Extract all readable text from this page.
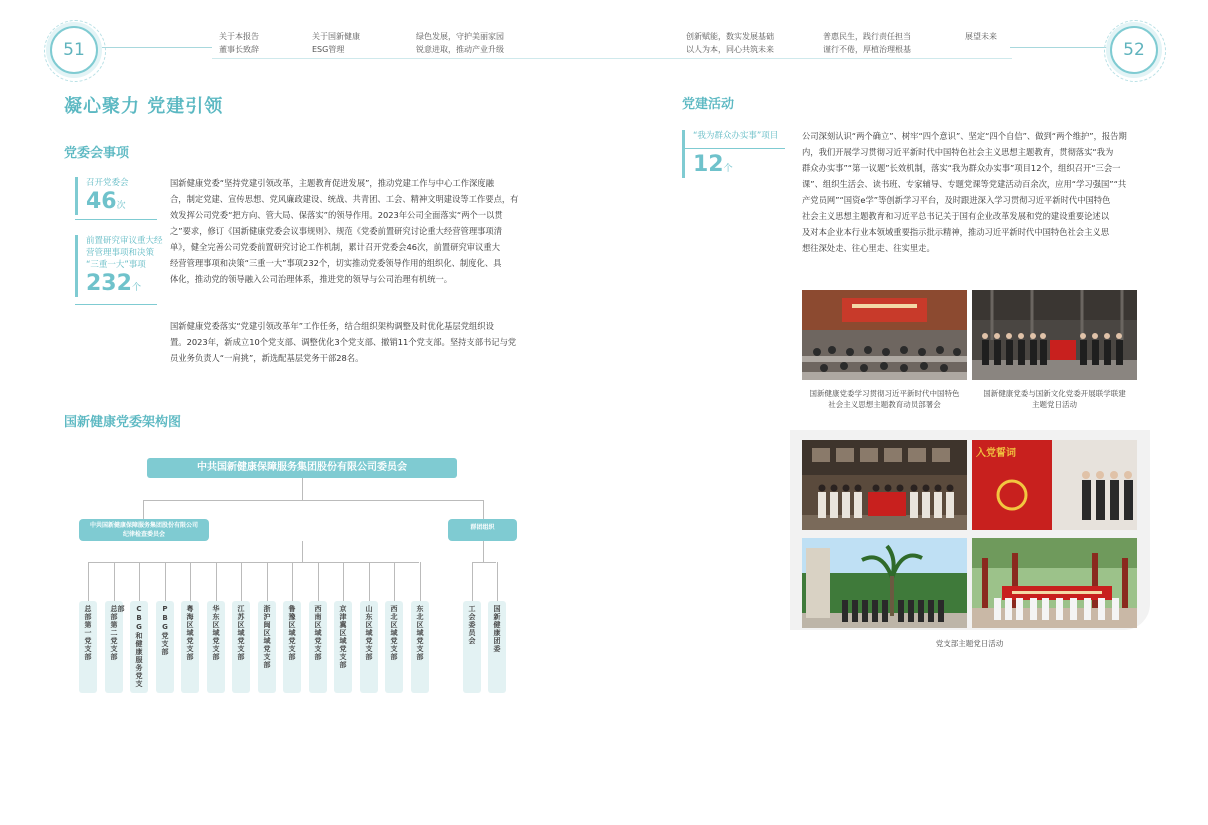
51	52
关于本报告
董事长致辞
关于国新健康
ESG管理
绿色发展，守护美丽家园
锐意进取，推动产业升级
创新赋能，数实发展基础
以人为本，同心共筑未来
普惠民生，践行责任担当
谨行不倦，厚植治理根基
展望未来
凝心聚力 党建引领
党委会事项
召开党委会
46次
前置研究审议重大经
营管理事项和决策
“三重一大”事项
232个
国新健康党委“坚持党建引领改革，主题教育促进发展”，推动党建工作与中心工作深度融
合，制定党建、宣传思想、党风廉政建设、统战、共青团、工会、精神文明建设等工作要点，有
效发挥公司党委“把方向、管大局、保落实”的领导作用。2023年公司全面落实“两个一以贯
之”要求，修订《国新健康党委会议事规则》、规范《党委前置研究讨论重大经营管理事项清
单》，健全完善公司党委前置研究讨论工作机制，累计召开党委会46次，前置研究审议重大
经营管理事项和决策“三重一大”事项232个，切实推动党委领导作用的组织化、制度化、具
体化，推动党的领导融入公司治理体系，推进党的领导与公司治理有机统一。
国新健康党委落实“党建引领改革年”工作任务，结合组织架构调整及时优化基层党组织设
置。2023年，新成立10个党支部、调整优化3个党支部、撤销11个党支部。坚持支部书记与党
员业务负责人“一肩挑”，新选配基层党务干部28名。
国新健康党委架构图
中共国新健康保障服务集团股份有限公司委员会
中共国新健康保障服务集团股份有限公司
纪律检查委员会
群团组织
总部第一党支部	总部第二党支部	CBG和健康服务党支部	PBG党支部	粤海区域党支部	华东区域党支部	江苏区域党支部	浙沪闽区域党支部	鲁豫区域党支部	西南区域党支部	京津冀区域党支部	山东区域党支部	西北区域党支部	东北区域党支部	工会委员会	国新健康团委
党建活动
“我为群众办实事”项目
12个
公司深刻认识“两个确立”、树牢“四个意识”、坚定“四个自信”、做到“两个维护”，报告期
内，我们开展学习贯彻习近平新时代中国特色社会主义思想主题教育，贯彻落实“我为
群众办实事”“第一议题”长效机制，落实“我为群众办实事”项目12个，组织召开“三会一
课”、组织生活会、读书班、专家辅导、专题党课等党建活动百余次，应用“学习强国”“共
产党员网”“国资e学”等创新学习平台，及时跟进深入学习贯彻习近平新时代中国特色
社会主义思想主题教育和习近平总书记关于国有企业改革发展和党的建设重要论述以
及对本企业本行业本领域重要指示批示精神，推动习近平新时代中国特色社会主义思
想往深处走、往心里走、往实里走。
国新健康党委学习贯彻习近平新时代中国特色
社会主义思想主题教育动员部署会
国新健康党委与国新文化党委开展联学联建
主题党日活动
入党誓词
党支部主题党日活动
